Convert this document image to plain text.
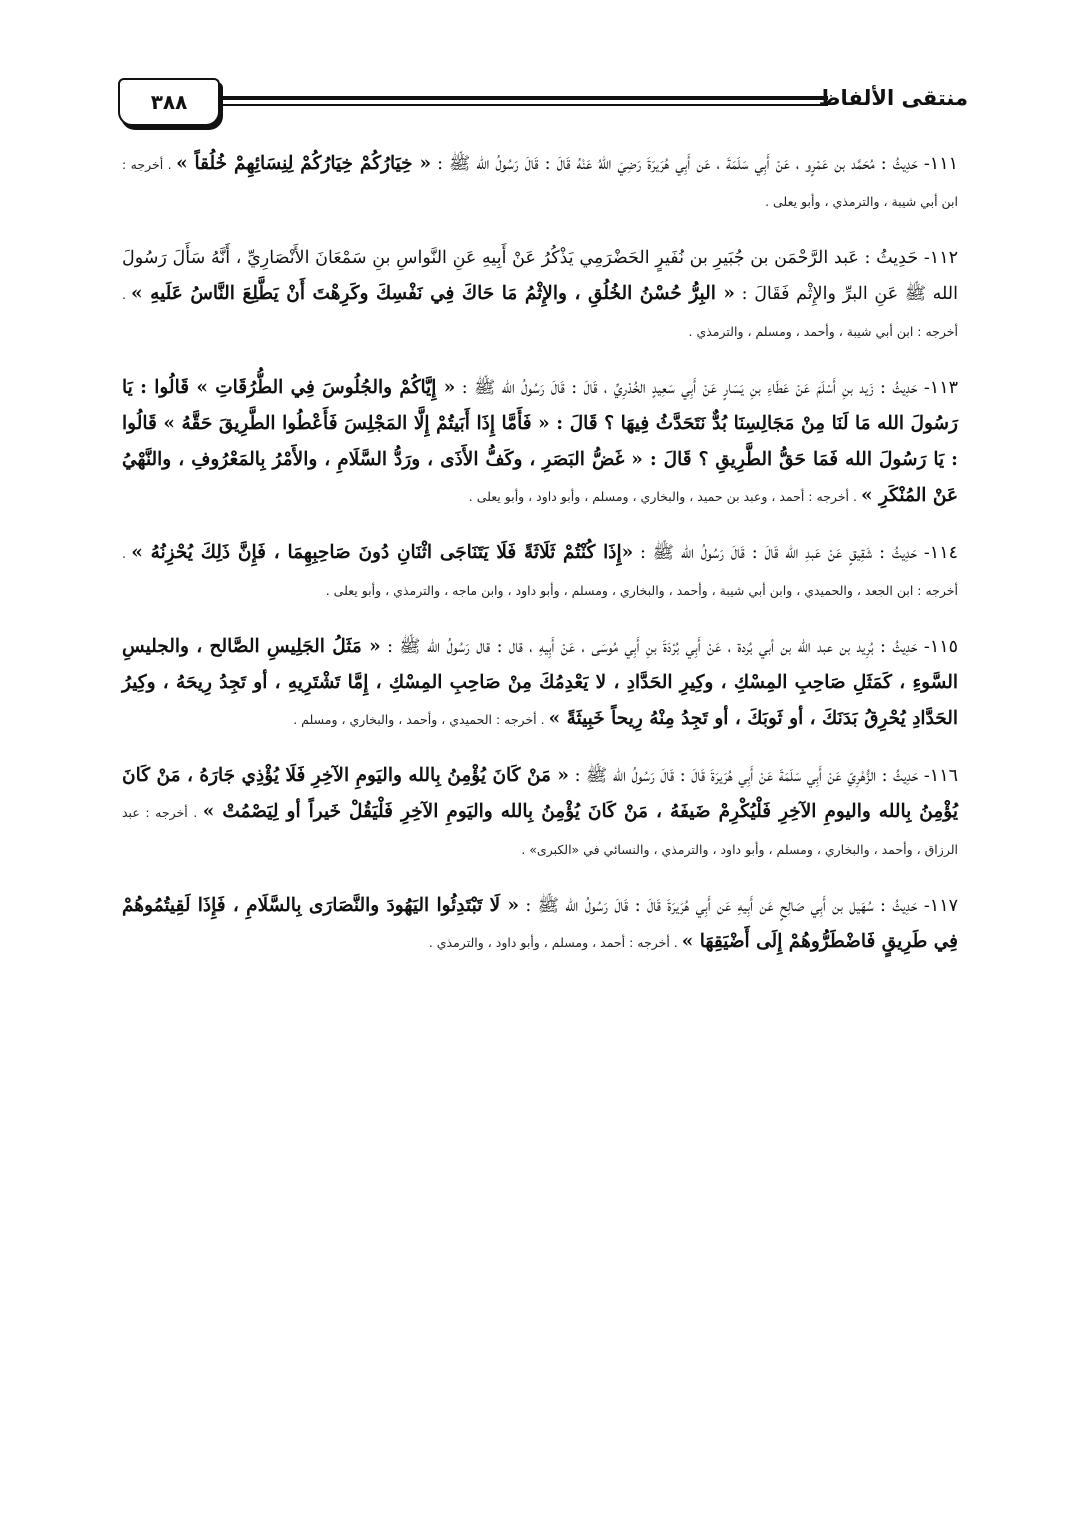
منتقى الألفاظ
٣٨٨

١١١- حَدِيثُ : مُحَمَّد بن عَمْرٍو ، عَنْ أَبِي سَلَمَةَ ، عَن أَبِي هُرَيرَةَ رَضِيَ اللهُ عَنْهُ قَالَ : قَالَ رَسُولُ الله ﷺ : « خِيَارُكُمْ خِيَارُكُمْ لِنِسَائِهِمْ خُلُقاً » . أخرجه : ابن أبي شيبة ، والترمذي ، وأبو يعلى .

١١٢- حَدِيثُ : عَبد الرَّحْمَن بن جُبَيرِ بن نُفَيرٍ الحَضْرَمِي يَذْكُرُ عَنْ أَبِيهِ عَنِ النَّواسِ بنِ سَمْعَانَ الأَنْصَارِيِّ ، أَنَّهُ سَأَلَ رَسُولَ الله ﷺ عَنِ البرِّ والإِثْم فَقَالَ : « البِرُّ حُسْنُ الخُلُقِ ، والإِثْمُ مَا حَاكَ فِي نَفْسِكَ وكَرِهْتَ أَنْ يَطَّلِعَ النَّاسُ عَلَيهِ » . أخرجه : ابن أبي شيبة ، وأحمد ، ومسلم ، والترمذي .

١١٣- حَدِيثُ : زَيد بنِ أَسْلَمَ عَنْ عَطَاءِ بنِ يَسَارٍ عَنْ أَبِي سَعِيدٍ الخُدْرِيِّ ، قَالَ : قَالَ رَسُولُ الله ﷺ : « إِيَّاكُمْ والجُلُوسَ فِي الطُّرُقَاتِ » قَالُوا : يَا رَسُولَ الله مَا لَنَا مِنْ مَجَالِسِنَا بُدٌّ نَتَحَدَّثُ فِيهَا ؟ قَالَ : « فَأَمَّا إِذَا أَبَيتُمْ إِلَّا المَجْلِسَ فَأَعْطُوا الطَّرِيقَ حَقَّهُ » قَالُوا : يَا رَسُولَ الله فَمَا حَقُّ الطَّرِيقِ ؟ قَالَ : « غَضُّ البَصَرِ ، وكَفُّ الأَذَى ، ورَدُّ السَّلَامِ ، والأَمْرُ بِالمَعْرُوفِ ، والنَّهْيُ عَنْ المُنْكَرِ » . أخرجه : أحمد ، وعبد بن حميد ، والبخاري ، ومسلم ، وأبو داود ، وأبو يعلى .

١١٤- حَدِيثُ : شَقِيقٍ عَنْ عَبدِ الله قَالَ : قَالَ رَسُولُ الله ﷺ : «إِذَا كُنْتُمْ ثَلَاثَةً فَلَا يَتَنَاجَى اثْنَانِ دُونَ صَاحِبِهِمَا ، فَإِنَّ ذَلِكَ يُحْزِنُهُ » . أخرجه : ابن الجعد ، والحميدي ، وابن أبي شيبة ، وأحمد ، والبخاري ، ومسلم ، وأبو داود ، وابن ماجه ، والترمذي ، وأبو يعلى .

١١٥- حَدِيثُ : بُرِيد بن عبد الله بن أبي بُردة ، عَنْ أَبِي بُرْدَةَ بنِ أَبِي مُوسَى ، عَنْ أَبِيهِ ، قال : قال رَسُولُ الله ﷺ : « مَثَلُ الجَلِيسِ الصَّالح ، والجليسِ السَّوءِ ، كَمَثَلِ صَاحِبِ المِسْكِ ، وكِيرِ الحَدَّادِ ، لا يَعْدِمُكَ مِنْ صَاحِبِ المِسْكِ ، إِمَّا تَشْتَرِيهِ ، أو تَجِدُ رِيحَهُ ، وكِيرُ الحَدَّادِ يُحْرِقُ بَدَنَكَ ، أو ثَوبَكَ ، أو تَجِدُ مِنْهُ رِيحاً خَبِيثَةً » . أخرجه : الحميدي ، وأحمد ، والبخاري ، ومسلم .

١١٦- حَدِيثُ : الزُّهْرِيّ عَنْ أَبِي سَلَمَةَ عَنْ أَبِي هُرَيرَةَ قَالَ : قَالَ رَسُولُ الله ﷺ : « مَنْ كَانَ يُؤْمِنُ بِالله واليَومِ الآخِرِ فَلَا يُؤْذِي جَارَهُ ، مَنْ كَانَ يُؤْمِنُ بِالله واليومِ الآخِرِ فَلْيُكْرِمْ ضَيفَهُ ، مَنْ كَانَ يُؤْمِنُ بِالله واليَومِ الآخِرِ فَلْيَقُلْ خَيراً أو لِيَصْمُتْ » . أخرجه : عبد الرزاق ، وأحمد ، والبخاري ، ومسلم ، وأبو داود ، والترمذي ، والنسائي في «الكبرى» .

١١٧- حَدِيثُ : سُهَيل بن أَبِي صَالِحٍ عَن أَبِيهِ عَن أَبِي هُرَيرَةَ قَالَ : قَالَ رَسُولُ الله ﷺ : « لَا تَبْتَدِئُوا اليَهُودَ والنَّصَارَى بِالسَّلَامِ ، فَإِذَا لَقِيتُمُوهُمْ فِي طَرِيقٍ فَاضْطَرُّوهُمْ إِلَى أَضْيَقِهَا » . أخرجه : أحمد ، ومسلم ، وأبو داود ، والترمذي .
